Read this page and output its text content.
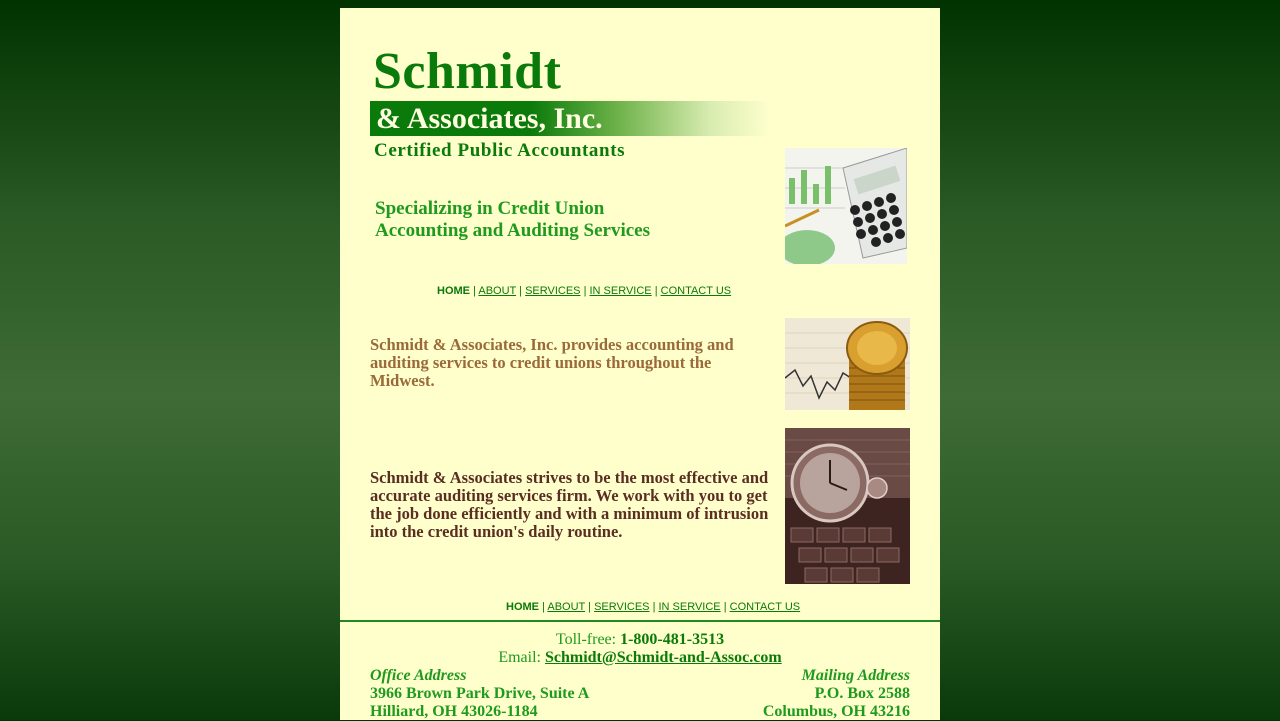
Schmidt
& Associates, Inc.
Certified Public Accountants
Specializing in Credit Union
Accounting and Auditing Services
HOME | ABOUT | SERVICES | IN SERVICE | CONTACT US
Schmidt & Associates, Inc. provides accounting and auditing services to credit unions throughout the Midwest.
Schmidt & Associates strives to be the most effective and accurate auditing services firm. We work with you to get the job done efficiently and with a minimum of intrusion into the credit union's daily routine.
HOME | ABOUT | SERVICES | IN SERVICE | CONTACT US
Toll-free: 1-800-481-3513
Email: Schmidt@Schmidt-and-Assoc.com
Office Address
3966 Brown Park Drive, Suite A
Hilliard, OH 43026-1184
Mailing Address
P.O. Box 2588
Columbus, OH 43216
